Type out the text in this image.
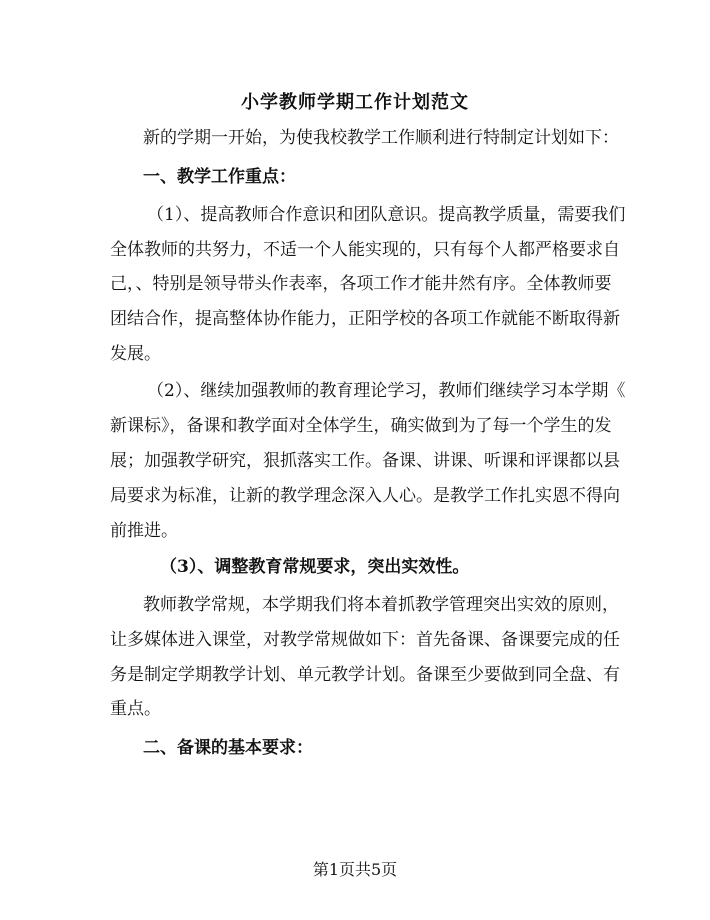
小学教师学期工作计划范文
新的学期一开始，为使我校教学工作顺利进行特制定计划如下：
一、教学工作重点：
（1）、提高教师合作意识和团队意识。提高教学质量，需要我们
全体教师的共努力，不适一个人能实现的，只有每个人都严格要求自
己，、特别是领导带头作表率，各项工作才能井然有序。全体教师要
团结合作，提高整体协作能力，正阳学校的各项工作就能不断取得新
发展。
（2）、继续加强教师的教育理论学习，教师们继续学习本学期《
新课标》，备课和教学面对全体学生，确实做到为了每一个学生的发
展；加强教学研究，狠抓落实工作。备课、讲课、听课和评课都以县
局要求为标准，让新的教学理念深入人心。是教学工作扎实恩不得向
前推进。
（3）、调整教育常规要求，突出实效性。
教师教学常规，本学期我们将本着抓教学管理突出实效的原则，
让多媒体进入课堂，对教学常规做如下：首先备课、备课要完成的任
务是制定学期教学计划、单元教学计划。备课至少要做到同全盘、有
重点。
二、备课的基本要求：
第1页共5页
